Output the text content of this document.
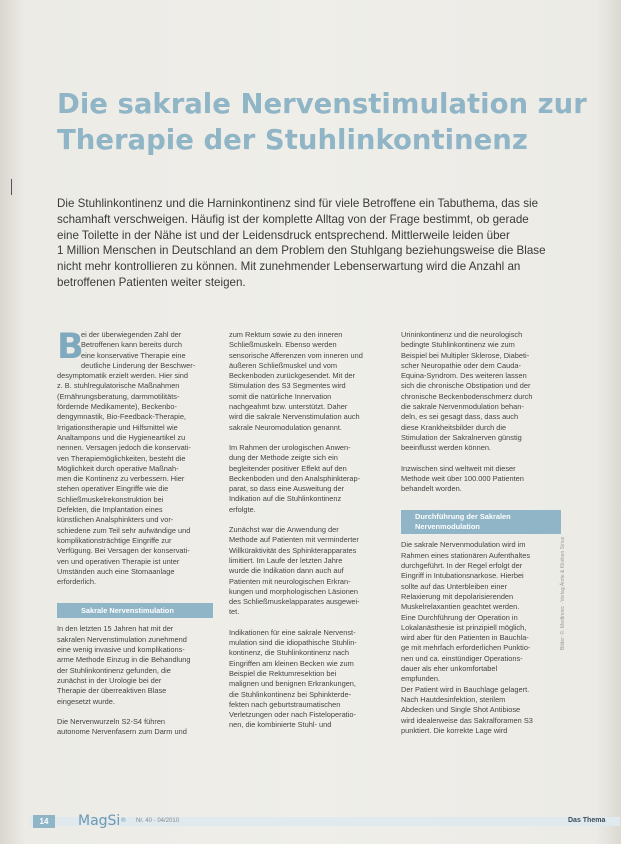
Die sakrale Nervenstimulation zur
Therapie der Stuhlinkontinenz
Die Stuhlinkontinenz und die Harninkontinenz sind für viele Betroffene ein Tabuthema, das sie
schamhaft verschweigen. Häufig ist der komplette Alltag von der Frage bestimmt, ob gerade
eine Toilette in der Nähe ist und der Leidensdruck entsprechend. Mittlerweile leiden über
1 Million Menschen in Deutschland an dem Problem den Stuhlgang beziehungsweise die Blase
nicht mehr kontrollieren zu können. Mit zunehmender Lebenserwartung wird die Anzahl an
betroffenen Patienten weiter steigen.
B
ei der überwiegenden Zahl der
Betroffenen kann bereits durch
eine konservative Therapie eine
deutliche Linderung der Beschwer-
desymptomatik erzielt werden. Hier sind
z. B. stuhlregulatorische Maßnahmen
(Ernährungsberatung, darmmotilitäts-
fördernde Medikamente), Beckenbo-
dengymnastik, Bio-Feedback-Therapie,
Irrigationstherapie und Hilfsmittel wie
Analtampons und die Hygieneartikel zu
nennen. Versagen jedoch die konservati-
ven Therapiemöglichkeiten, besteht die
Möglichkeit durch operative Maßnah-
men die Kontinenz zu verbessern. Hier
stehen operativer Eingriffe wie die
Schließmuskelrekonstruktion bei
Defekten, die Implantation eines
künstlichen Analsphinkters und vor-
schiedene zum Teil sehr aufwändige und
komplikationsträchtige Eingriffe zur
Verfügung. Bei Versagen der konservati-
ven und operativen Therapie ist unter
Umständen auch eine Stomaanlage
erforderlich.
Sakrale Nervenstimulation
In den letzten 15 Jahren hat mit der
sakralen Nervenstimulation zunehmend
eine wenig invasive und komplikations-
arme Methode Einzug in die Behandlung
der Stuhlinkontinenz gefunden, die
zunächst in der Urologie bei der
Therapie der überreaktiven Blase
eingesetzt wurde.
Die Nervenwurzeln S2-S4 führen
autonome Nervenfasern zum Darm und
zum Rektum sowie zu den inneren
Schließmuskeln. Ebenso werden
sensorische Afferenzen vom inneren und
äußeren Schließmuskel und vom
Beckenboden zurückgesendet. Mit der
Stimulation des S3 Segmentes wird
somit die natürliche Innervation
nachgeahmt bzw. unterstützt. Daher
wird die sakrale Nervenstimulation auch
sakrale Neuromodulation genannt.
Im Rahmen der urologischen Anwen-
dung der Methode zeigte sich ein
begleitender positiver Effekt auf den
Beckenboden und den Analsphinkterap-
parat, so dass eine Ausweitung der
Indikation auf die Stuhlinkontinenz
erfolgte.
Zunächst war die Anwendung der
Methode auf Patienten mit verminderter
Willküraktivität des Sphinkterapparates
limitiert. Im Laufe der letzten Jahre
wurde die Indikation dann auch auf
Patienten mit neurologischen Erkran-
kungen und morphologischen Läsionen
des Schließmuskelapparates ausgewei-
tet.
Indikationen für eine sakrale Nervenst-
mulation sind die idiopathische Stuhlin-
kontinenz, die Stuhlinkontinenz nach
Eingriffen am kleinen Becken wie zum
Beispiel die Rektumresektion bei
malignen und benignen Erkrankungen,
die Stuhlinkontinenz bei Sphinkterde-
fekten nach geburtstraumatischen
Verletzungen oder nach Fisteloperatio-
nen, die kombinierte Stuhl- und
Urininkontinenz und die neurologisch
bedingte Stuhlinkontinenz wie zum
Beispiel bei Multipler Sklerose, Diabeti-
scher Neuropathie oder dem Cauda-
Equina-Syndrom. Des weiteren lassen
sich die chronische Obstipation und der
chronische Beckenbodenschmerz durch
die sakrale Nervenmodulation behan-
deln, es sei gesagt dass, dass auch
diese Krankheitsbilder durch die
Stimulation der Sakralnerven günstig
beeinflusst werden können.
Inzwischen sind weltweit mit dieser
Methode weit über 100.000 Patienten
behandelt worden.
Durchführung der Sakralen
Nervenmodulation
Die sakrale Nervenmodulation wird im
Rahmen eines stationären Aufenthaltes
durchgeführt. In der Regel erfolgt der
Eingriff in Intubationsnarkose. Hierbei
sollte auf das Unterbleiben einer
Relaxierung mit depolarisierenden
Muskelrelaxantien geachtet werden.
Eine Durchführung der Operation in
Lokalanästhesie ist prinzipiell möglich,
wird aber für den Patienten in Bauchla-
ge mit mehrfach erforderlichen Punktio-
nen und ca. einstündiger Operations-
dauer als eher unkomfortabel
empfunden.
Der Patient wird in Bauchlage gelagert.
Nach Hautdesinfektion, sterilem
Abdecken und Single Shot Antibiose
wird idealerweise das Sakralforamen S3
punktiert. Die korrekte Lage wird
Bilder: ©: Medtronic · Verlag Ärzte & Kliniken Sirius
14	MagSi® Nr. 40 · 04/2010	Das Thema
